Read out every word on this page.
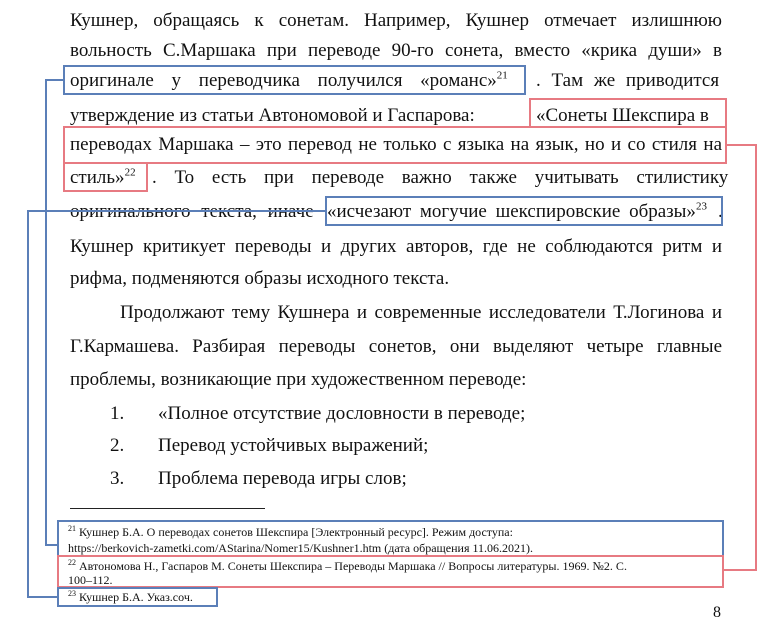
Кушнер, обращаясь к сонетам. Например, Кушнер отмечает излишнюю
вольность С.Маршака при переводе 90-го сонета, вместо «крика души» в
оригинале у переводчика получился «романс»$^{21}$ . Там же приводится
утверждение из статьи Автономовой и Гаспарова:	«Сонеты Шекспира в
переводах Маршака – это перевод не только с языка на язык, но и со стиля на
стиль»$^{22}$ . То есть при переводе важно также учитывать стилистику
оригинального текста, иначе «исчезают могучие шекспировские образы»$^{23}$ .
Кушнер критикует переводы и других авторов, где не соблюдаются ритм и
рифма, подменяются образы исходного текста.
Продолжают тему Кушнера и современные исследователи Т.Логинова и
Г.Кармашева. Разбирая переводы сонетов, они выделяют четыре главные
проблемы, возникающие при художественном переводе:
1. «Полное отсутствие дословности в переводе;
2. Перевод устойчивых выражений;
3. Проблема перевода игры слов;
$^{21}$ Кушнер Б.А. О переводах сонетов Шекспира [Электронный ресурс]. Режим доступа:
https://berkovich-zametki.com/AStarina/Nomer15/Kushner1.htm (дата обращения 11.06.2021).
$^{22}$ Автономова Н., Гаспаров М. Сонеты Шекспира – Переводы Маршака // Вопросы литературы. 1969. №2. С.
100–112.
$^{23}$ Кушнер Б.А. Указ.соч.
8
